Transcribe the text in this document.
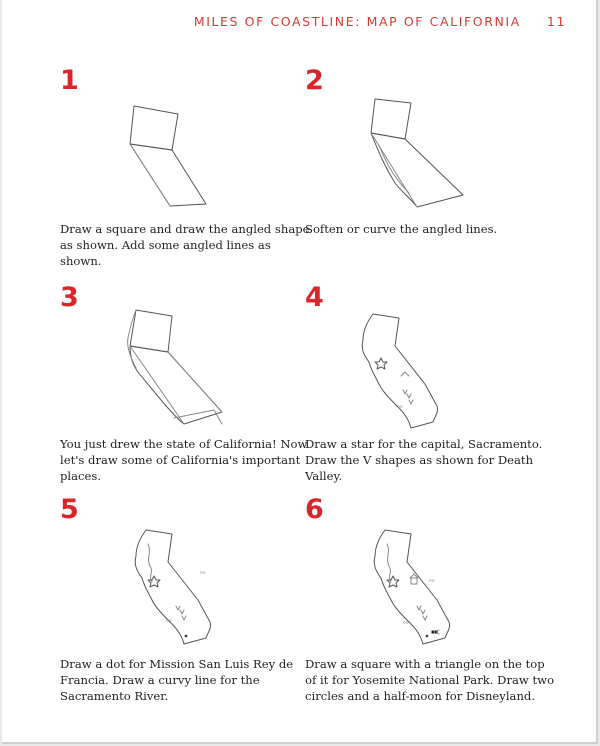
MILES OF COASTLINE: MAP OF CALIFORNIA 11
1
Draw a square and draw the angled shape as shown. Add some angled lines as shown.
2
Soften or curve the angled lines.
3
You just drew the state of California! Now let's draw some of California's important places.
4
ᵒᵒ
Draw a star for the capital, Sacramento. Draw the V shapes as shown for Death Valley.
5
ᵒᵒ
ᵒᵒ
Draw a dot for Mission San Luis Rey de Francia. Draw a curvy line for the Sacramento River.
6
ᵒᵒ
ᵒᵒ
Draw a square with a triangle on the top of it for Yosemite National Park. Draw two circles and a half-moon for Disneyland.
